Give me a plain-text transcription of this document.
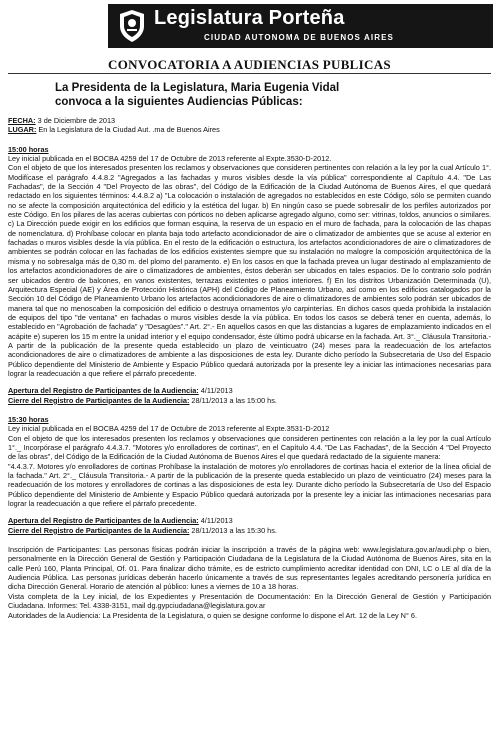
Legislatura Porteña
CIUDAD AUTONOMA DE BUENOS AIRES
CONVOCATORIA A AUDIENCIAS PUBLICAS
La Presidenta de la Legislatura, Maria Eugenia Vidal
convoca a la siguientes Audiencias Públicas:

FECHA: 3 de Diciembre de 2013

LUGAR: En la Legislatura de la Ciudad Aut. .ma de Buenos Aires

15:00 horas

Ley inicial publicada en el BOCBA 4259 del 17 de Octubre de 2013 referente al Expte.3530-D-2012.
Con el objeto de que los interesados presenten los reclamos y observaciones que consideren pertinentes con relación a la ley por la cual Artículo 1°. Modifícase el parágrafo 4.4.8.2 "Agregados a las fachadas y muros visibles desde la vía pública" correspondiente al Capítulo 4.4. "De Las Fachadas", de la Sección 4 "Del Proyecto de las obras", del Código de la Edificación de la Ciudad Autónoma de Buenos Aires, el que quedará redactado en los siguientes términos: 4.4.8.2 a) "La colocación o instalación de agregados no establecidos en este Código, sólo se permiten cuando no se afecte la composición arquitectónica del edificio y la estética del lugar. b) En ningún caso se puede sobresalir de los perfiles autorizados por este Código. En los pilares de las aceras cubiertas con pórticos no deben aplicarse agregado alguno, como ser: vitrinas, toldos, anuncios o similares. c) La Dirección puede exigir en los edificios que forman esquina, la reserva de un espacio en el muro de fachada, para la colocación de las chapas de nomenclatura. d) Prohíbase colocar en planta baja todo artefacto acondicionador de aire o climatizador de ambientes que se acuse al exterior en fachadas o muros visibles desde la vía pública. En el resto de la edificación o estructura, los artefactos acondicionadores de aire o climatizadores de ambientes se podrán colocar en las fachadas de los edificios existentes siempre que su instalación no malogre la composición arquitectónica de la misma y no sobresalga más de 0,30 m. del plomo del paramento. e) En los casos en que la fachada prevea un lugar destinado al emplazamiento de los artefactos acondicionadores de aire o climatizadores de ambientes, éstos deberán ser ubicados en tales espacios. De lo contrario solo podrán ser ubicados dentro de balcones, en vanos existentes, terrazas existentes o patios interiores. f) En los distritos Urbanización Determinada (U), Arquitectura Especial (AE) y Área de Protección Histórica (APH) del Código de Planeamiento Urbano, así como en los edificios catalogados por la Sección 10 del Código de Planeamiento Urbano los artefactos acondicionadores de aire o climatizadores de ambientes solo podrán ser ubicados de manera tal que no menoscaben la composición del edificio o destruya ornamentos y/o carpinterías. En dichos casos queda prohibida la instalación de equipos del tipo "de ventana" en fachadas o muros visibles desde la vía pública. En todos los casos se deberá tener en cuenta, además, lo establecido en "Agrobación de fachada" y "Desagües"." Art. 2°.- En aquellos casos en que las distancias a lugares de emplazamiento indicados en el acápite e) superen los 15 m entre la unidad interior y el equipo condensador, éste último podrá ubicarse en la fachada. Art. 3°._ Cláusula Transitoria.- A partir de la publicación de la presente queda establecido un plazo de veinticuatro (24) meses para la readecuación de los artefactos acondicionadores de aire o climatizadores de ambiente a las disposiciones de esta ley. Durante dicho período la Subsecretaria de Uso del Espacio Público dependiente del Ministerio de Ambiente y Espacio Público quedará autorizada por la presente ley a iniciar las intimaciones necesarias para lograr la readecuación a que refiere el párrafo precedente.

Apertura del Registro de Participantes de la Audiencia: 4/11/2013

Cierre del Registro de Participantes de la Audiencia: 28/11/2013 a las 15:00 hs.

15:30 horas

Ley inicial publicada en el BOCBA 4259 del 17 de Octubre de 2013 referente al Expte.3531-D-2012
Con el objeto de que los interesados presenten los reclamos y observaciones que consideren pertinentes con relación a la ley por la cual Artículo 1°._ Incorpórase el parágrafo 4.4.3.7. "Motores y/o enrolladores de cortinas", en el Capítulo 4.4. "De Las Fachadas", de la Sección 4 "Del Proyecto de las obras", del Código de la Edificación de la Ciudad Autónoma de Buenos Aires el que quedará redactado de la siguiente manera:
"4.4.3.7. Motores y/o enrolladores de cortinas Prohíbase la instalación de motores y/o enrolladores de cortinas hacia el exterior de la línea oficial de la fachada." Art. 2°._ Cláusula Transitoria.- A partir de la publicación de la presente queda establecido un plazo de veinticuatro (24) meses para la readecuación de los motores y enrolladores de cortinas a las disposiciones de esta ley. Durante dicho período la Subsecretaría de Uso del Espacio Público dependiente del Ministerio de Ambiente y Espacio Público quedará autorizada por la presente ley a iniciar las intimaciones necesarias para lograr la readecuación a que refiere el párrafo precedente.

Apertura del Registro de Participantes de la Audiencia: 4/11/2013

Cierre del Registro de Participantes de la Audiencia: 28/11/2013 a las 15:30 hs.

Inscripción de Participantes: Las personas físicas podrán iniciar la inscripción a través de la página web: www.legislatura.gov.ar/audi.php o bien, personalmente en la Dirección General de Gestión y Participación Ciudadana de la Legislatura de la Ciudad Autónoma de Buenos Aires, sita en la calle Perú 160, Planta Principal, Of. 01. Para finalizar dicho trámite, es de estricto cumplimiento acreditar identidad con DNI, LC o LE al día de la Audiencia Pública. Las personas jurídicas deberán hacerlo únicamente a través de sus representantes legales acreditando personería jurídica en dicha Dirección General. Horario de atención al público: lunes a viernes de 10 a 18 horas.

Vista completa de la Ley inicial, de los Expedientes y Presentación de Documentación: En la Dirección General de Gestión y Participación Ciudadana. Informes: Tel. 4338-3151, mail dg.gypciudadana@legislatura.gov.ar

Autoridades de la Audiencia: La Presidenta de la Legislatura, o quien se designe conforme lo dispone el Art. 12 de la Ley N° 6.
